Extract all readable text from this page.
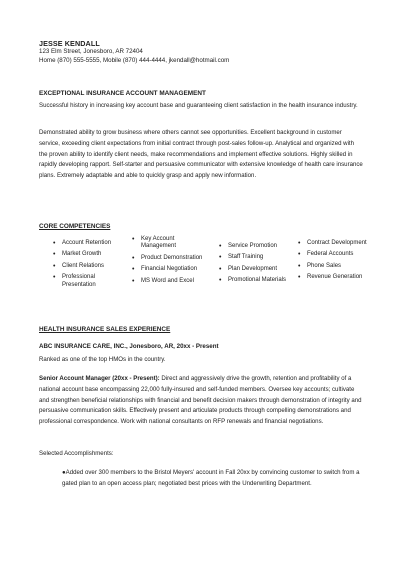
JESSE KENDALL
123 Elm Street, Jonesboro, AR 72404
Home (870) 555-5555, Mobile (870) 444-4444, jkendall@hotmail.com
EXCEPTIONAL INSURANCE ACCOUNT MANAGEMENT
Successful history in increasing key account base and guaranteeing client satisfaction in the health insurance industry.
Demonstrated ability to grow business where others cannot see opportunities. Excellent background in customer service, exceeding client expectations from initial contract through post-sales follow-up. Analytical and organized with the proven ability to identify client needs, make recommendations and implement effective solutions. Highly skilled in rapidly developing rapport. Self-starter and persuasive communicator with extensive knowledge of health care insurance plans. Extremely adaptable and able to quickly grasp and apply new information.
CORE COMPETENCIES
• Account Retention
• Market Growth
• Client Relations
• Professional Presentation
• Key Account Management
• Product Demonstration
• Financial Negotiation
• MS Word and Excel
• Service Promotion
• Staff Training
• Plan Development
• Promotional Materials
• Contract Development
• Federal Accounts
• Phone Sales
• Revenue Generation
HEALTH INSURANCE SALES EXPERIENCE
ABC INSURANCE CARE, INC., Jonesboro, AR, 20xx - Present
Ranked as one of the top HMOs in the country.
Senior Account Manager (20xx - Present): Direct and aggressively drive the growth, retention and profitability of a national account base encompassing 22,000 fully-insured and self-funded members. Oversee key accounts; cultivate and strengthen beneficial relationships with financial and benefit decision makers through demonstration of integrity and persuasive communication skills. Effectively present and articulate products through compelling demonstrations and professional correspondence. Work with national consultants on RFP renewals and financial negotiations.
Selected Accomplishments:
●Added over 300 members to the Bristol Meyers' account in Fall 20xx by convincing customer to switch from a gated plan to an open access plan; negotiated best prices with the Underwriting Department.
